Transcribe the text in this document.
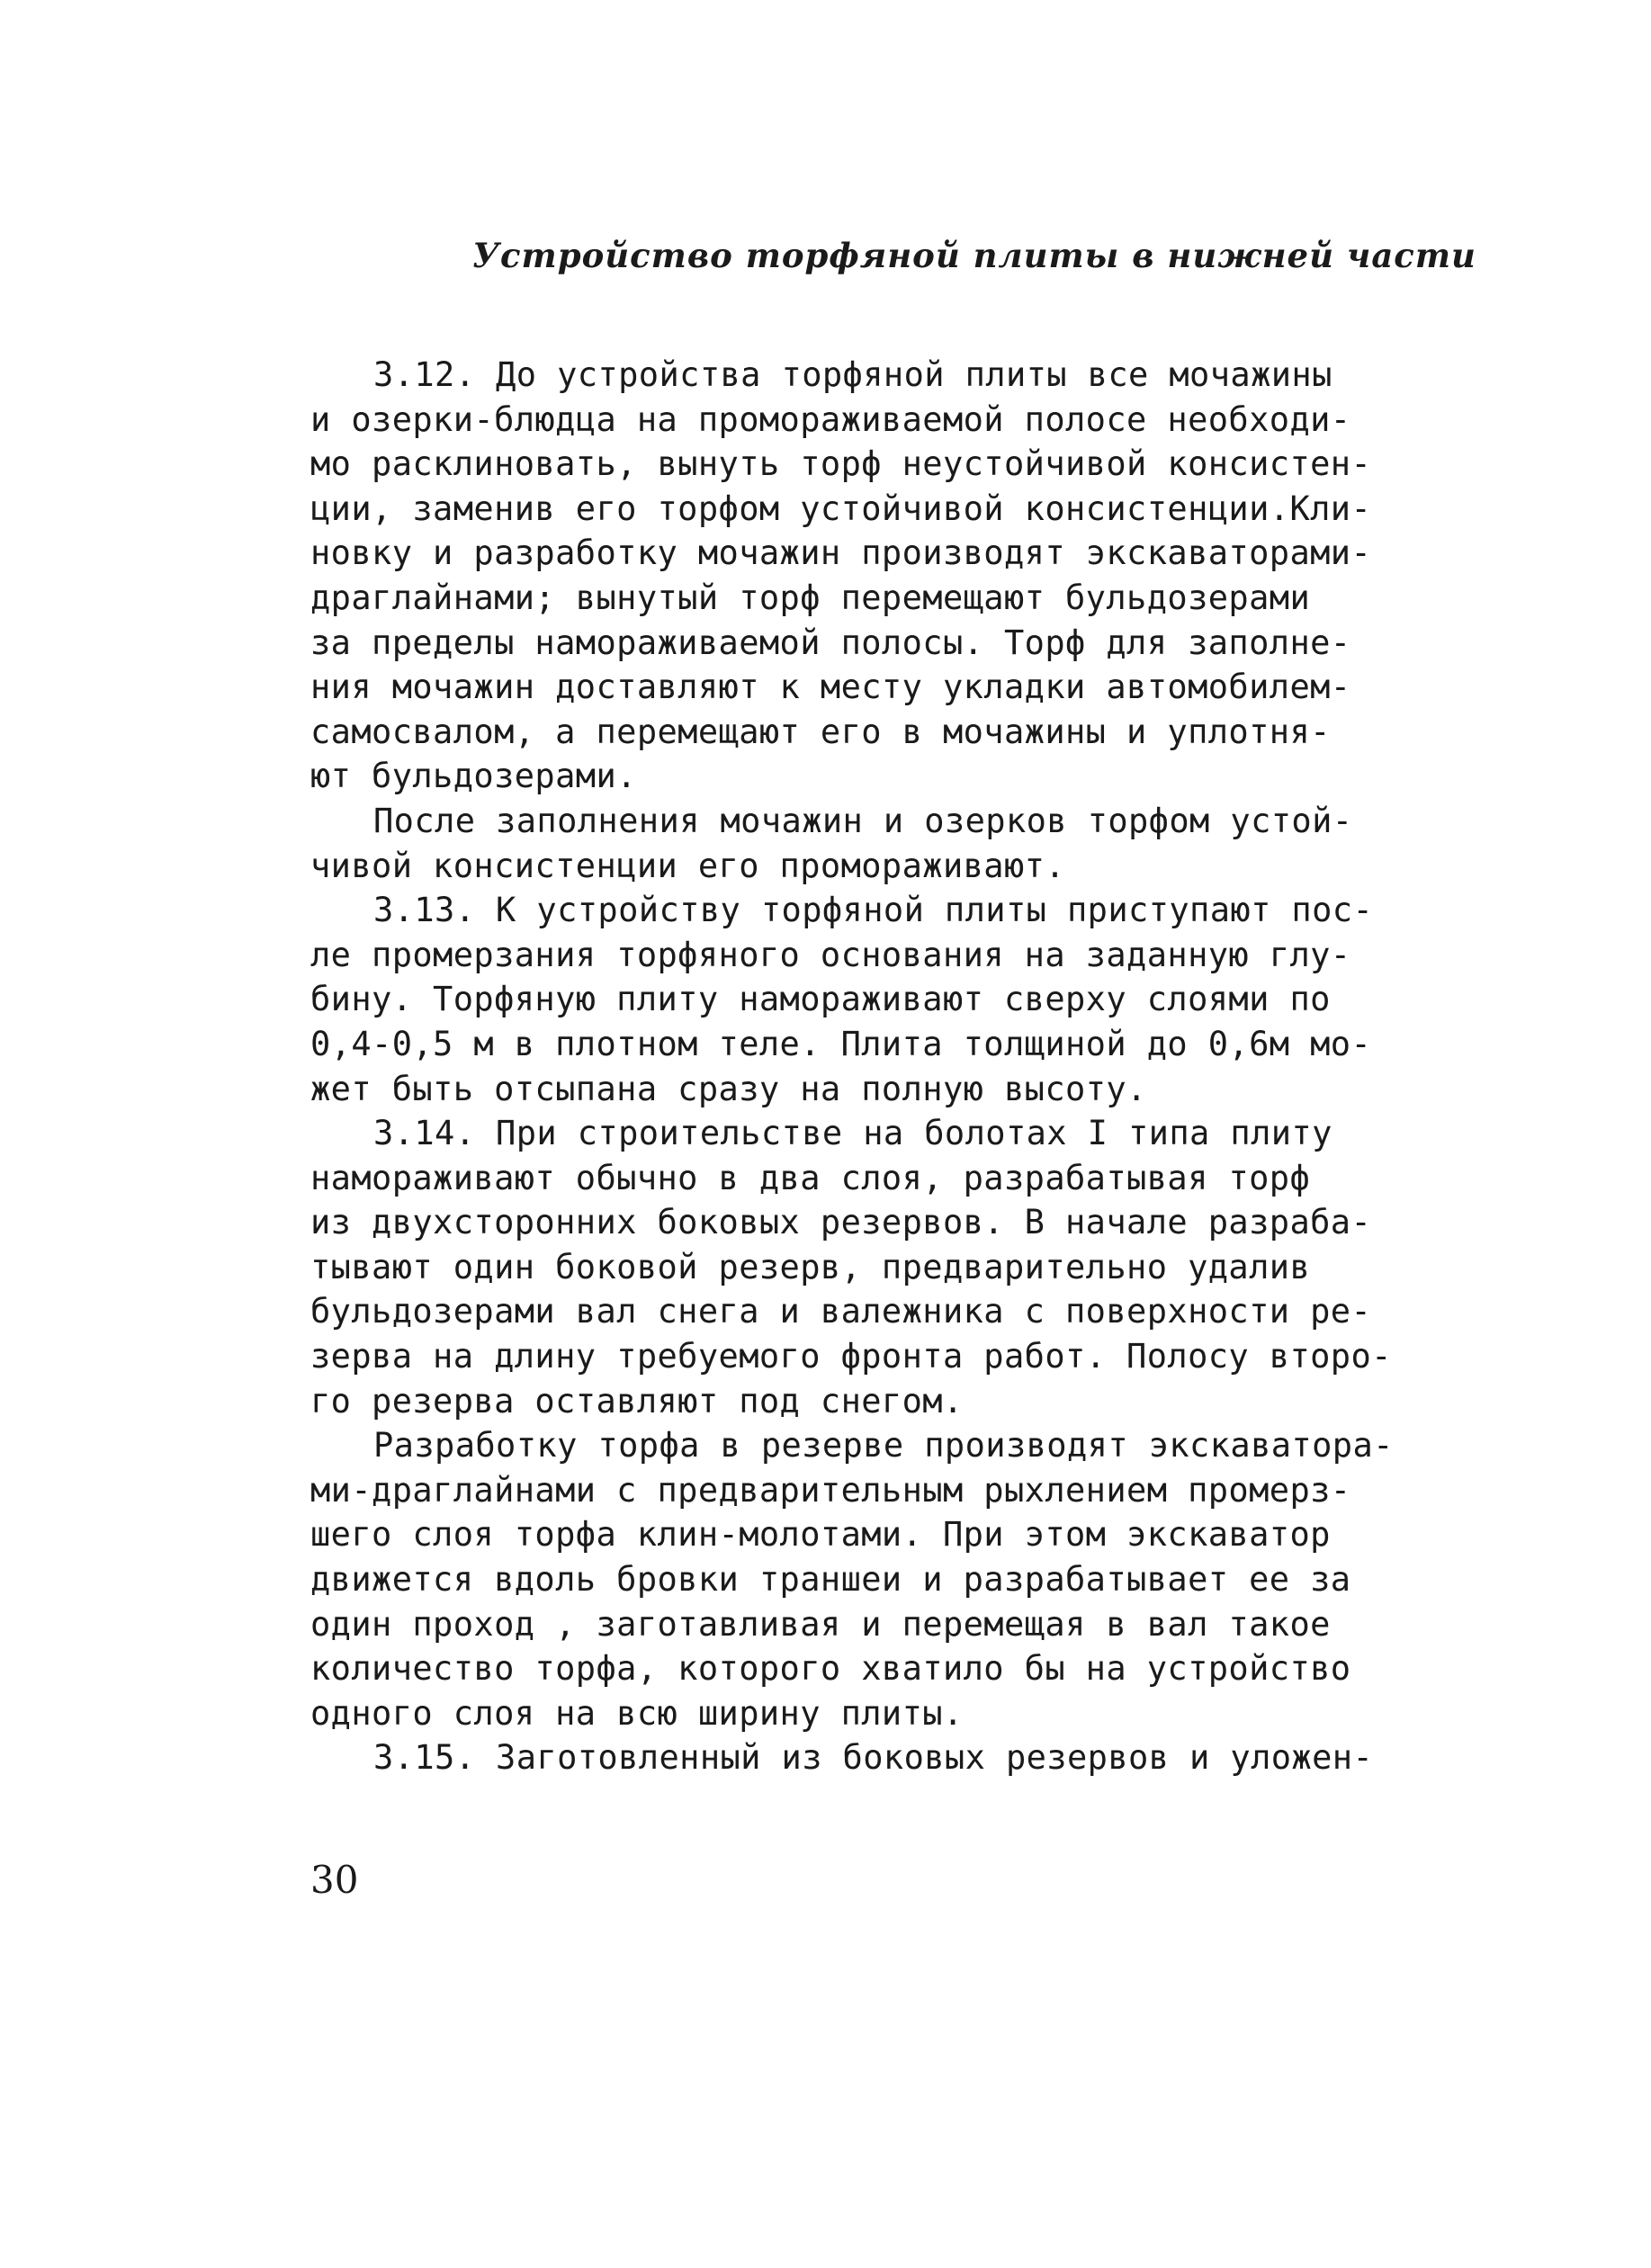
Устройство торфяной плиты в нижней части
3.12. До устройства торфяной плиты все мочажины
и озерки-блюдца на промораживаемой полосе необходи-
мо расклиновать, вынуть торф неустойчивой консистен-
ции, заменив его торфом устойчивой консистенции.Кли-
новку и разработку мочажин производят экскаваторами-
драглайнами; вынутый торф перемещают бульдозерами
за пределы намораживаемой полосы. Торф для заполне-
ния мочажин доставляют к месту укладки автомобилем-
самосвалом, а перемещают его в мочажины и уплотня-
ют бульдозерами.
После заполнения мочажин и озерков торфом устой-
чивой консистенции его промораживают.
3.13. К устройству торфяной плиты приступают пос-
ле промерзания торфяного основания на заданную глу-
бину. Торфяную плиту намораживают сверху слоями по
0,4-0,5 м в плотном теле. Плита толщиной до 0,6м мо-
жет быть отсыпана сразу на полную высоту.
3.14. При строительстве на болотах I типа плиту
намораживают обычно в два слоя, разрабатывая торф
из двухсторонних боковых резервов. В начале разраба-
тывают один боковой резерв, предварительно удалив
бульдозерами вал снега и валежника с поверхности ре-
зерва на длину требуемого фронта работ. Полосу второ-
го резерва оставляют под снегом.
Разработку торфа в резерве производят экскаватора-
ми-драглайнами с предварительным рыхлением промерз-
шего слоя торфа клин-молотами. При этом экскаватор
движется вдоль бровки траншеи и разрабатывает ее за
один проход , заготавливая и перемещая в вал такое
количество торфа, которого хватило бы на устройство
одного слоя на всю ширину плиты.
3.15. Заготовленный из боковых резервов и уложен-
30
